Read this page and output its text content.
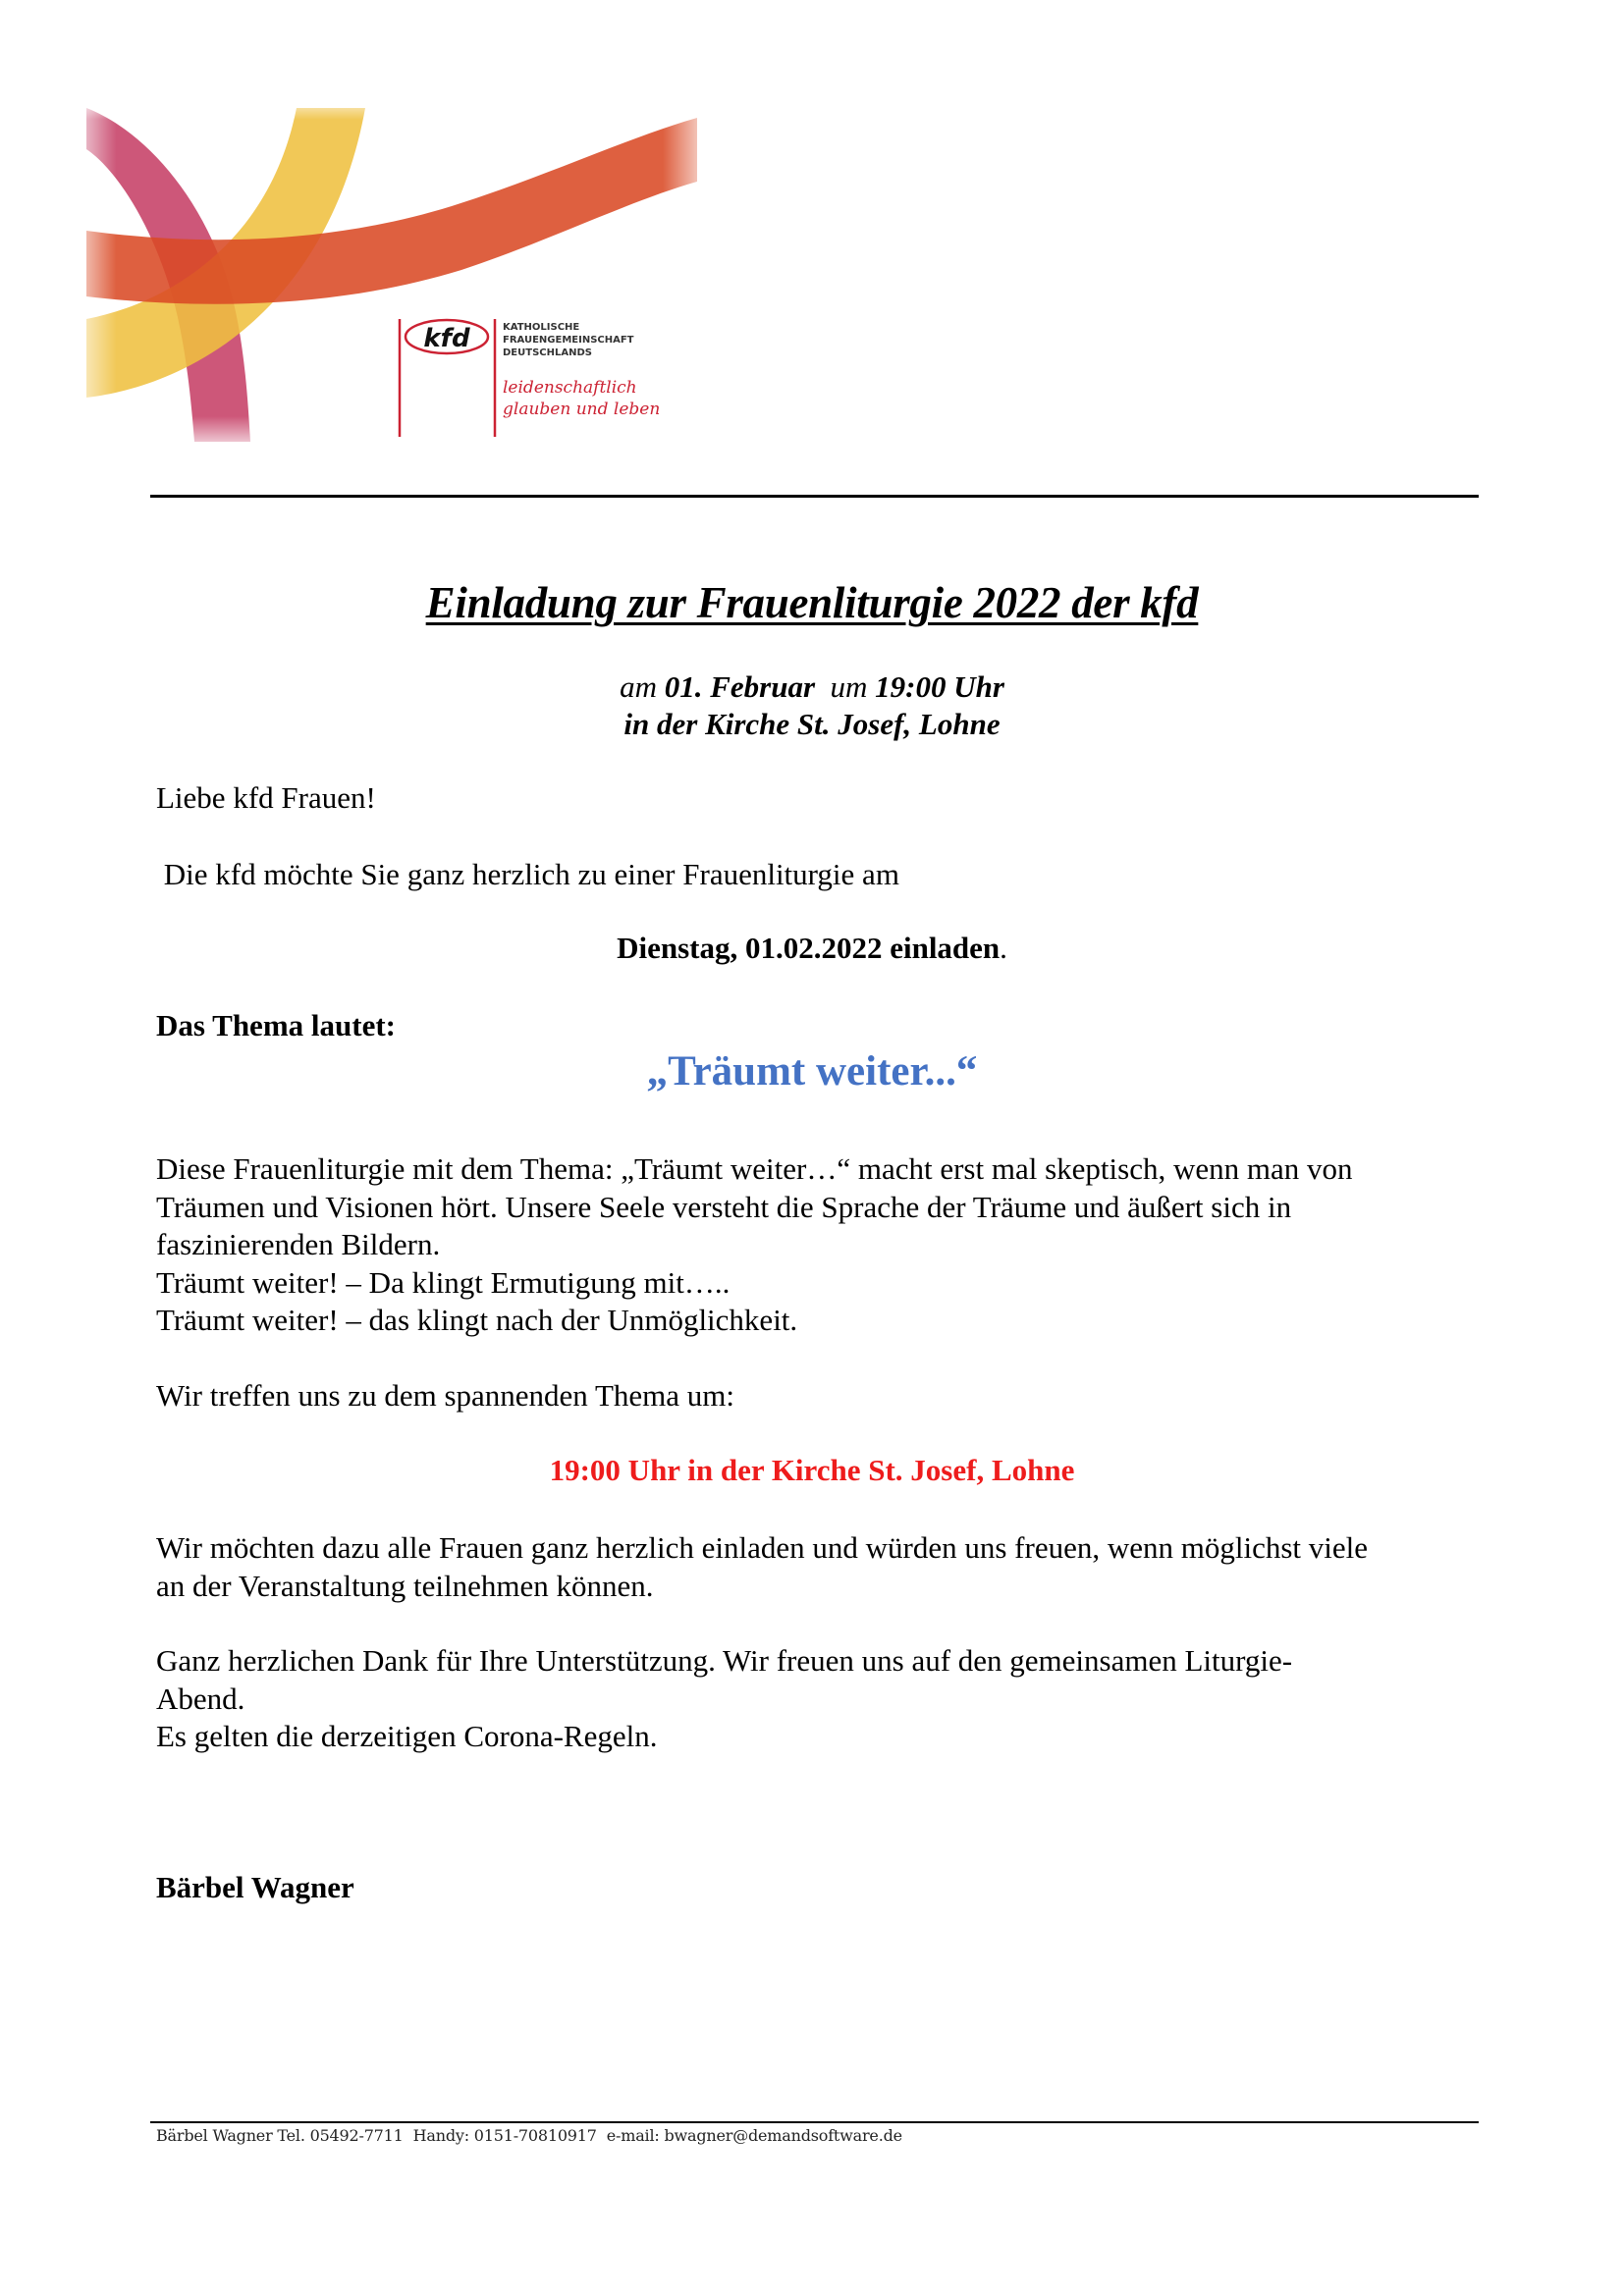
kfd	KATHOLISCHE
FRAUENGEMEINSCHAFT
DEUTSCHLANDS
leidenschaftlich
glauben und leben
Einladung zur Frauenliturgie 2022 der kfd
am 01. Februar  um 19:00 Uhr
in der Kirche St. Josef, Lohne
Liebe kfd Frauen!
Die kfd möchte Sie ganz herzlich zu einer Frauenliturgie am
Dienstag, 01.02.2022 einladen.
Das Thema lautet:
„Träumt weiter...“
Diese Frauenliturgie mit dem Thema: „Träumt weiter…“ macht erst mal skeptisch, wenn man von
Träumen und Visionen hört. Unsere Seele versteht die Sprache der Träume und äußert sich in
faszinierenden Bildern.
Träumt weiter! – Da klingt Ermutigung mit…..
Träumt weiter! – das klingt nach der Unmöglichkeit.
Wir treffen uns zu dem spannenden Thema um:
19:00 Uhr in der Kirche St. Josef, Lohne
Wir möchten dazu alle Frauen ganz herzlich einladen und würden uns freuen, wenn möglichst viele
an der Veranstaltung teilnehmen können.
Ganz herzlichen Dank für Ihre Unterstützung. Wir freuen uns auf den gemeinsamen Liturgie-
Abend.
Es gelten die derzeitigen Corona-Regeln.
Bärbel Wagner
Bärbel Wagner Tel. 05492-7711 Handy: 0151-70810917 e-mail: bwagner@demandsoftware.de
